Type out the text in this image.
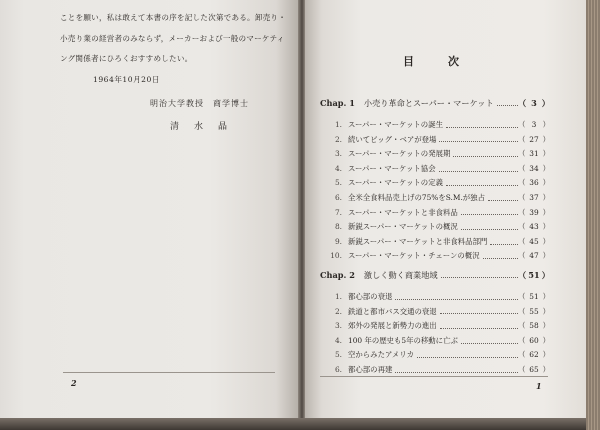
ことを願い，私は敢えて本書の序を記した次第である。卸売り・
小売り業の経営者のみならず，メーカーおよび一般のマーケティ
ング関係者にひろくおすすめしたい。
1964年10月20日
明治大学教授　商学博士
清　水　晶
2
目　　次
Chap. 1 小売り革命とスーパー・マーケット	（ 3 ）
1. スーパー・マーケットの誕生	（ 3 ）
2. 続いてビッグ・ベアが登場	（ 27 ）
3. スーパー・マーケットの発展期	（ 31 ）
4. スーパー・マーケット協会	（ 34 ）
5. スーパー・マーケットの定義	（ 36 ）
6. 全米全食料品売上げの75%をS.M.が独占	（ 37 ）
7. スーパー・マーケットと非食料品	（ 39 ）
8. 新鋭スーパー・マーケットの概況	（ 43 ）
9. 新鋭スーパー・マーケットと非食料品部門	（ 45 ）
10. スーパー・マーケット・チェーンの概況	（ 47 ）
Chap. 2 激しく動く商業地域	（ 51 ）
1. 都心部の衰退	（ 51 ）
2. 鉄道と都市バス交通の衰退	（ 55 ）
3. 郊外の発展と新勢力の進出	（ 58 ）
4. 100 年の歴史も5年の移動に亡ぶ	（ 60 ）
5. 空からみたアメリカ	（ 62 ）
6. 都心部の再建	（ 65 ）
1
